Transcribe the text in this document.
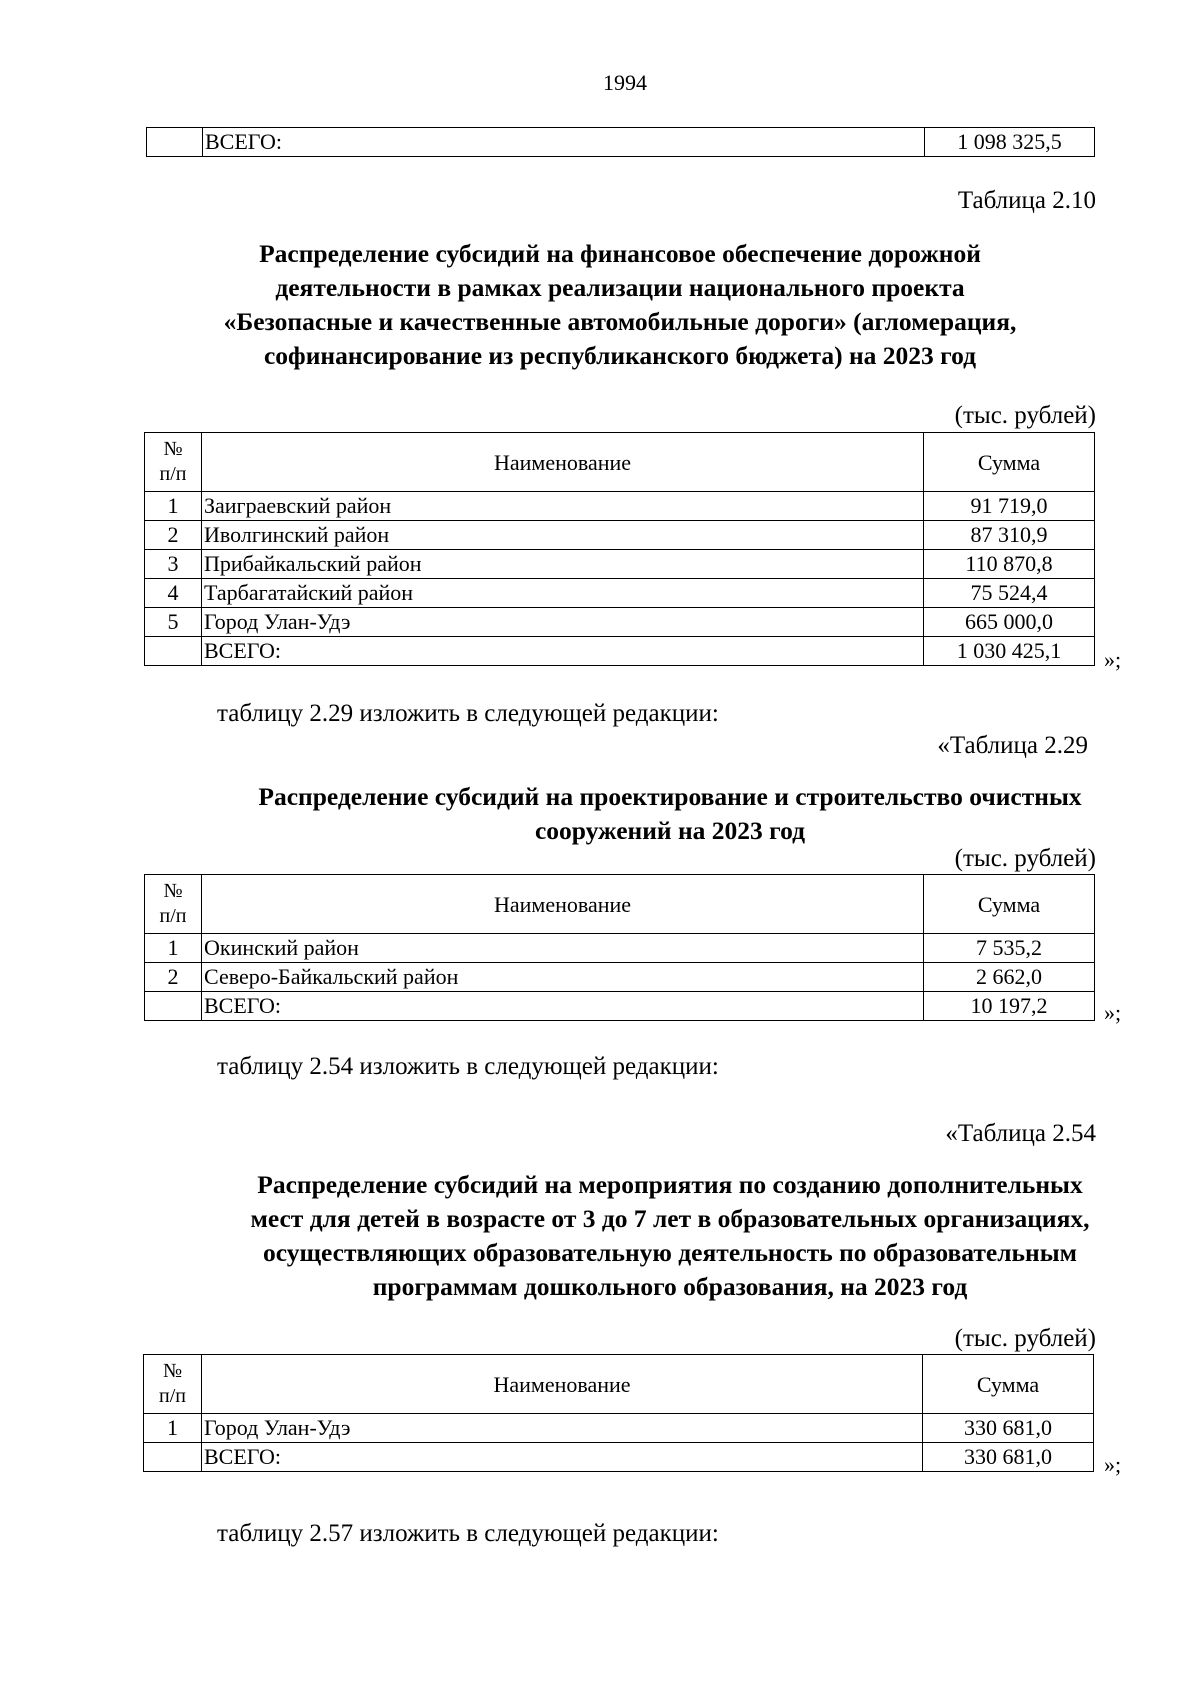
1994
	ВСЕГО:	1 098 325,5
Таблица 2.10
Распределение субсидий на финансовое обеспечение дорожной
деятельности в рамках реализации национального проекта
«Безопасные и качественные автомобильные дороги» (агломерация,
софинансирование из республиканского бюджета) на 2023 год
(тыс. рублей)
№
п/п	Наименование	Сумма
1	Заиграевский район	91 719,0
2	Иволгинский район	87 310,9
3	Прибайкальский район	110 870,8
4	Тарбагатайский район	75 524,4
5	Город Улан-Удэ	665 000,0
	ВСЕГО:	1 030 425,1 »;
таблицу 2.29 изложить в следующей редакции:
«Таблица 2.29
Распределение субсидий на проектирование и строительство очистных
сооружений на 2023 год
(тыс. рублей)
№
п/п	Наименование	Сумма
1	Окинский район	7 535,2
2	Северо-Байкальский район	2 662,0
	ВСЕГО:	10 197,2	»;
таблицу 2.54 изложить в следующей редакции:
«Таблица 2.54
Распределение субсидий на мероприятия по созданию дополнительных
мест для детей в возрасте от 3 до 7 лет в образовательных организациях,
осуществляющих образовательную деятельность по образовательным
программам дошкольного образования, на 2023 год
(тыс. рублей)
№
п/п	Наименование	Сумма
1	Город Улан-Удэ	330 681,0
	ВСЕГО:	330 681,0 »;
таблицу 2.57 изложить в следующей редакции:
